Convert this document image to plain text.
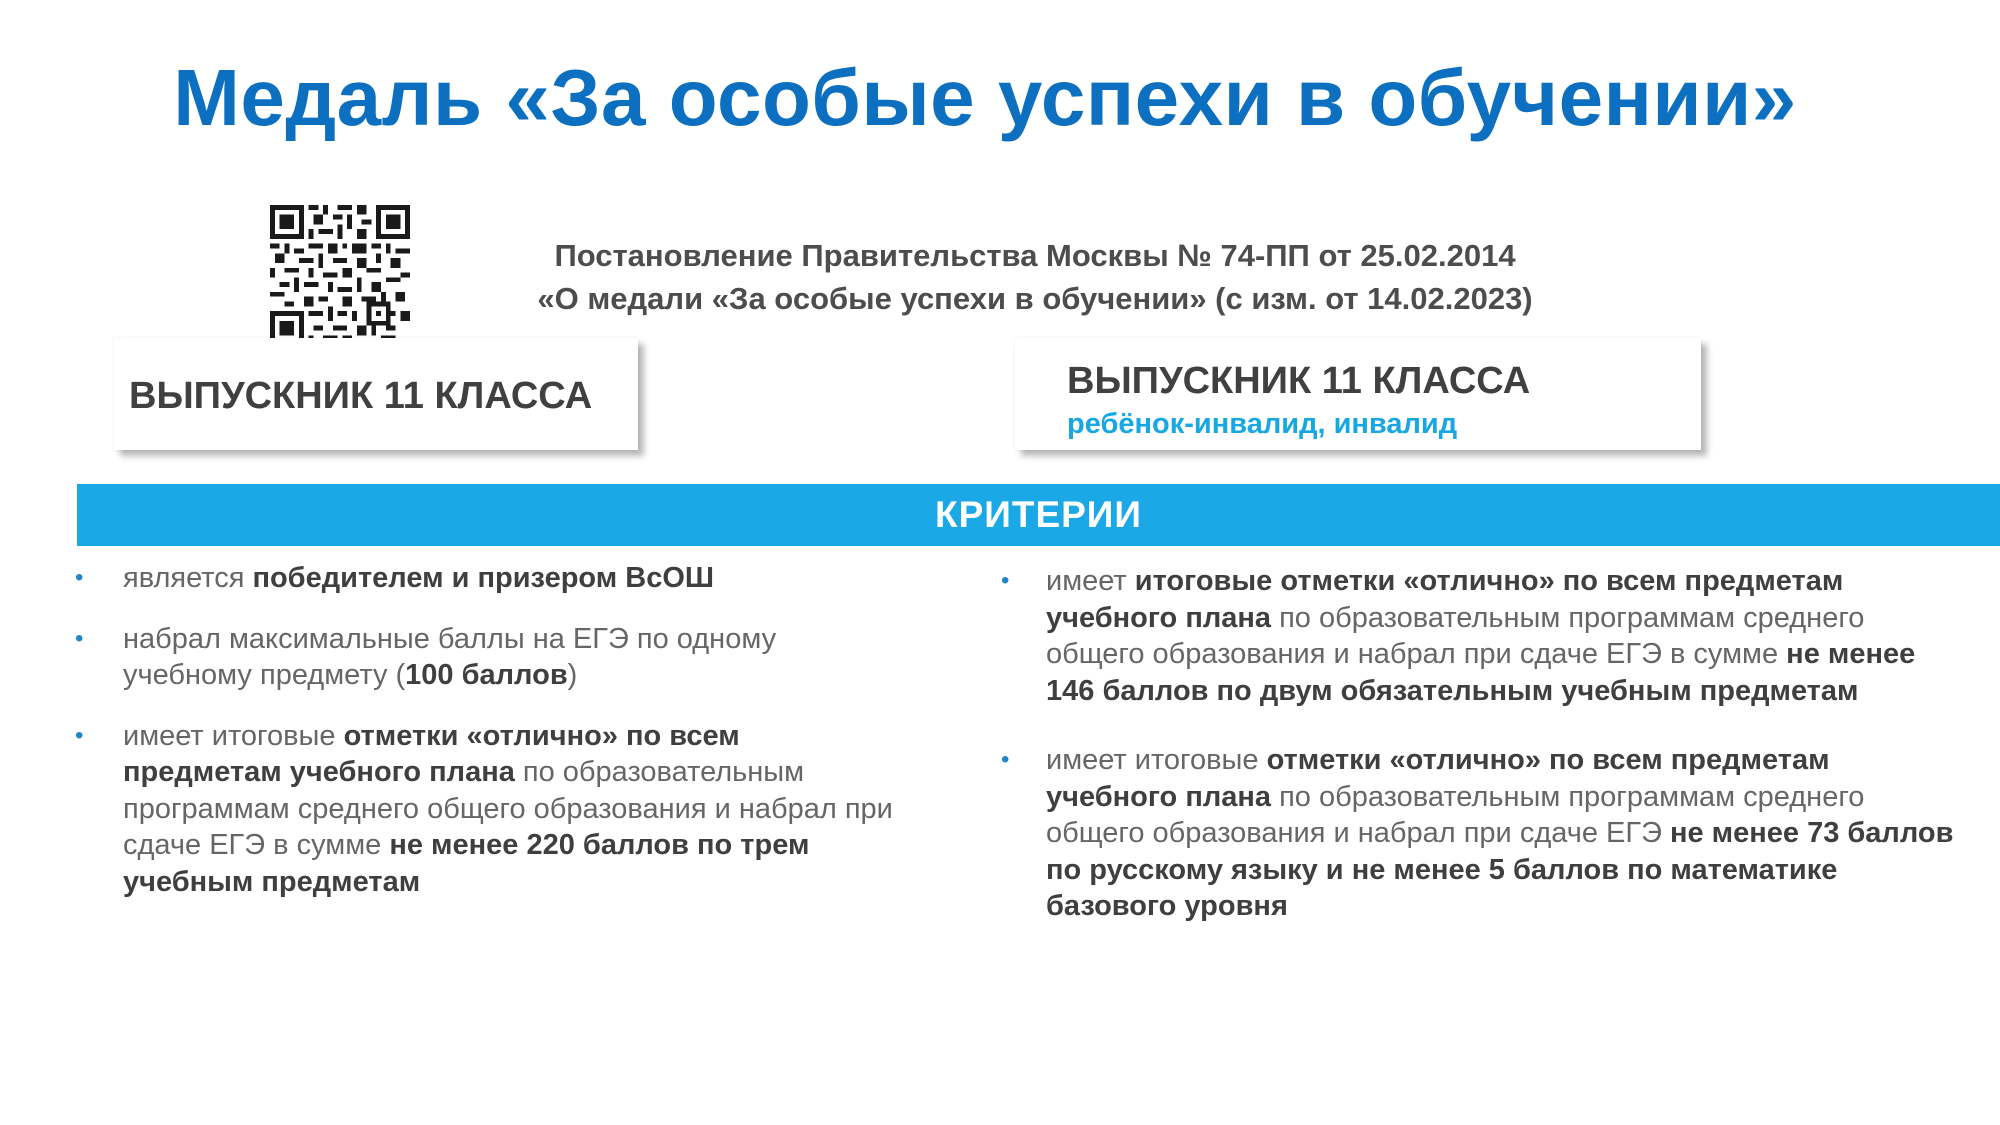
Медаль «За особые успехи в обучении»
Постановление Правительства Москвы № 74-ПП от 25.02.2014
«О медали «За особые успехи в обучении» (с изм. от 14.02.2023)
ВЫПУСКНИК 11 КЛАССА	ВЫПУСКНИК 11 КЛАССА
ребёнок-инвалид, инвалид
КРИТЕРИИ
• является победителем и призером ВсОШ
• набрал максимальные баллы на ЕГЭ по одному учебному предмету (100 баллов)
• имеет итоговые отметки «отлично» по всем предметам учебного плана по образовательным программам среднего общего образования и набрал при сдаче ЕГЭ в сумме не менее 220 баллов по трем учебным предметам
• имеет итоговые отметки «отлично» по всем предметам учебного плана по образовательным программам среднего общего образования и набрал при сдаче ЕГЭ в сумме не менее 146 баллов по двум обязательным учебным предметам
• имеет итоговые отметки «отлично» по всем предметам учебного плана по образовательным программам среднего общего образования и набрал при сдаче ЕГЭ не менее 73 баллов по русскому языку и не менее 5 баллов по математике базового уровня
